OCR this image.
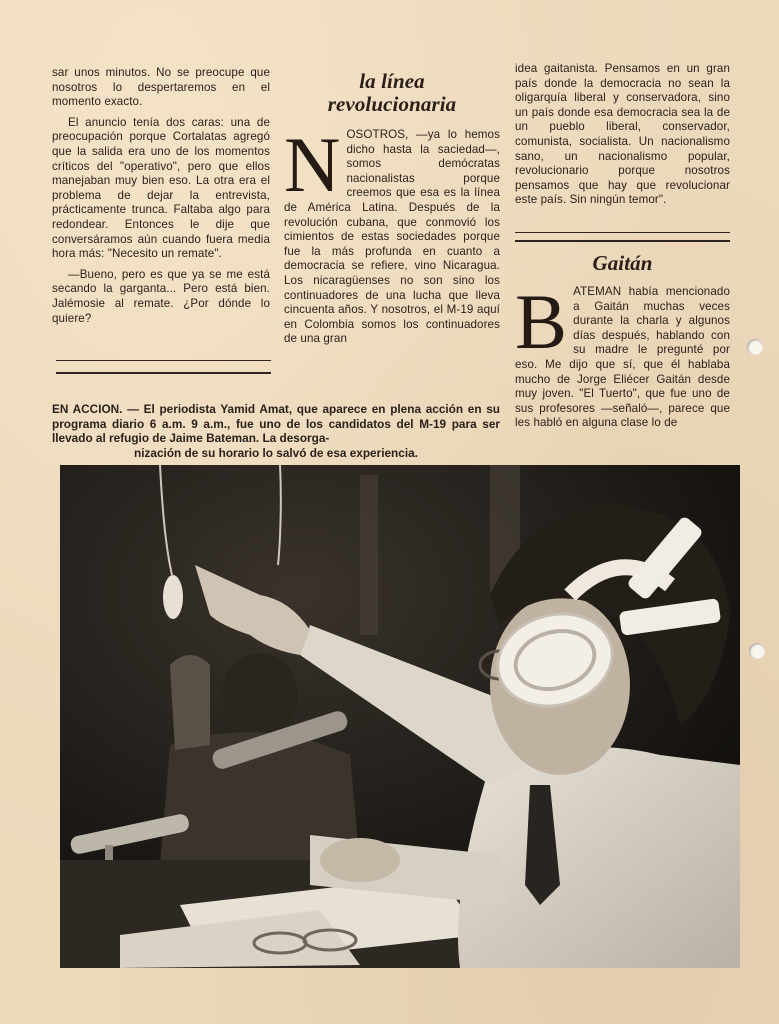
sar unos minutos. No se preocupe que nosotros lo despertaremos en el momento exacto.

El anuncio tenía dos caras: una de preocupación porque Cortalatas agregó que la salida era uno de los momentos críticos del "operativo", pero que ellos manejaban muy bien eso. La otra era el problema de dejar la entrevista, prácticamente trunca. Faltaba algo para redondear. Entonces le dije que conversáramos aún cuando fuera media hora más: "Necesito un remate".

—Bueno, pero es que ya se me está secando la garganta... Pero está bien. Jalémosie al remate. ¿Por dónde lo quiere?

la línea revolucionaria
N OSOTROS, —ya lo hemos dicho hasta la saciedad—, somos demócratas nacionalistas porque creemos que esa es la línea de América Latina. Después de la revolución cubana, que conmovió los cimientos de estas sociedades porque fue la más profunda en cuanto a democracia se refiere, vino Nicaragua. Los nicaragüenses no son sino los continuadores de una lucha que lleva cincuenta años. Y nosotros, el M-19 aquí en Colombia somos los continuadores de una gran
idea gaitanista. Pensamos en un gran país donde la democracia no sean la oligarquía liberal y conservadora, sino un país donde esa democracia sea la de un pueblo liberal, conservador, comunista, socialista. Un nacionalismo sano, un nacionalismo popular, revolucionario porque nosotros pensamos que hay que revolucionar este país. Sin ningún temor".
Gaitán
B ATEMAN había mencionado a Gaitán muchas veces durante la charla y algunos días después, hablando con su madre le pregunté por eso. Me dijo que sí, que él hablaba mucho de Jorge Eliécer Gaitán desde muy joven. "El Tuerto", que fue uno de sus profesores —señaló—, parece que les habló en alguna clase lo de
EN ACCION. — El periodista Yamid Amat, que aparece en plena acción en su programa diario 6 a.m. 9 a.m., fue uno de los candidatos del M-19 para ser llevado al refugio de Jaime Bateman. La desorga-
nización de su horario lo salvó de esa experiencia.
